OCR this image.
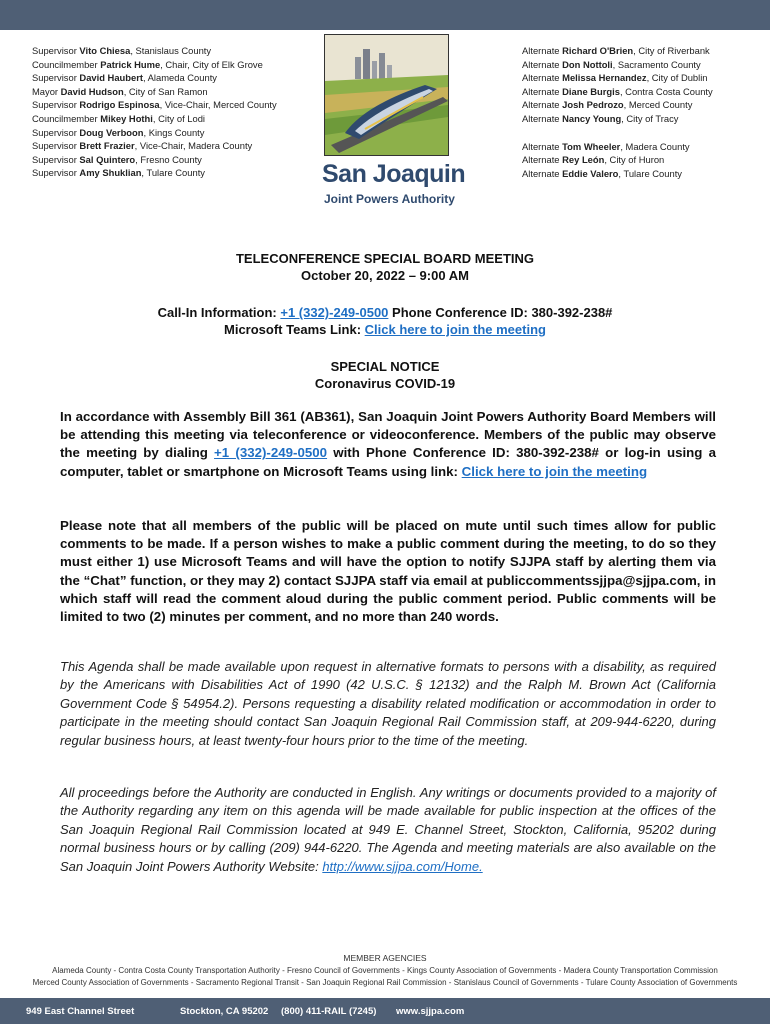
Supervisor Vito Chiesa, Stanislaus County
Councilmember Patrick Hume, Chair, City of Elk Grove
Supervisor David Haubert, Alameda County
Mayor David Hudson, City of San Ramon
Supervisor Rodrigo Espinosa, Vice-Chair, Merced County
Councilmember Mikey Hothi, City of Lodi
Supervisor Doug Verboon, Kings County
Supervisor Brett Frazier, Vice-Chair, Madera County
Supervisor Sal Quintero, Fresno County
Supervisor Amy Shuklian, Tulare County	San Joaquin
Joint Powers Authority
Alternate Richard O'Brien, City of Riverbank
Alternate Don Nottoli, Sacramento County
Alternate Melissa Hernandez, City of Dublin
Alternate Diane Burgis, Contra Costa County
Alternate Josh Pedrozo, Merced County
Alternate Nancy Young, City of Tracy
Alternate Tom Wheeler, Madera County
Alternate Rey León, City of Huron
Alternate Eddie Valero, Tulare County
TELECONFERENCE SPECIAL BOARD MEETING
October 20, 2022 – 9:00 AM
Call-In Information: +1 (332)-249-0500 Phone Conference ID: 380-392-238#
Microsoft Teams Link: Click here to join the meeting
SPECIAL NOTICE
Coronavirus COVID-19
In accordance with Assembly Bill 361 (AB361), San Joaquin Joint Powers Authority Board Members will be attending this meeting via teleconference or videoconference. Members of the public may observe the meeting by dialing +1 (332)-249-0500 with Phone Conference ID: 380-392-238# or log-in using a computer, tablet or smartphone on Microsoft Teams using link: Click here to join the meeting
Please note that all members of the public will be placed on mute until such times allow for public comments to be made. If a person wishes to make a public comment during the meeting, to do so they must either 1) use Microsoft Teams and will have the option to notify SJJPA staff by alerting them via the “Chat” function, or they may 2) contact SJJPA staff via email at publiccommentssjjpa@sjjpa.com, in which staff will read the comment aloud during the public comment period. Public comments will be limited to two (2) minutes per comment, and no more than 240 words.
This Agenda shall be made available upon request in alternative formats to persons with a disability, as required by the Americans with Disabilities Act of 1990 (42 U.S.C. § 12132) and the Ralph M. Brown Act (California Government Code § 54954.2). Persons requesting a disability related modification or accommodation in order to participate in the meeting should contact San Joaquin Regional Rail Commission staff, at 209-944-6220, during regular business hours, at least twenty-four hours prior to the time of the meeting.
All proceedings before the Authority are conducted in English. Any writings or documents provided to a majority of the Authority regarding any item on this agenda will be made available for public inspection at the offices of the San Joaquin Regional Rail Commission located at 949 E. Channel Street, Stockton, California, 95202 during normal business hours or by calling (209) 944-6220. The Agenda and meeting materials are also available on the San Joaquin Joint Powers Authority Website: http://www.sjjpa.com/Home.
MEMBER AGENCIES
Alameda County - Contra Costa County Transportation Authority - Fresno Council of Governments - Kings County Association of Governments - Madera County Transportation Commission
Merced County Association of Governments - Sacramento Regional Transit - San Joaquin Regional Rail Commission - Stanislaus Council of Governments - Tulare County Association of Governments
949 East Channel Street	Stockton, CA 95202 (800) 411-RAIL (7245) www.sjjpa.com
